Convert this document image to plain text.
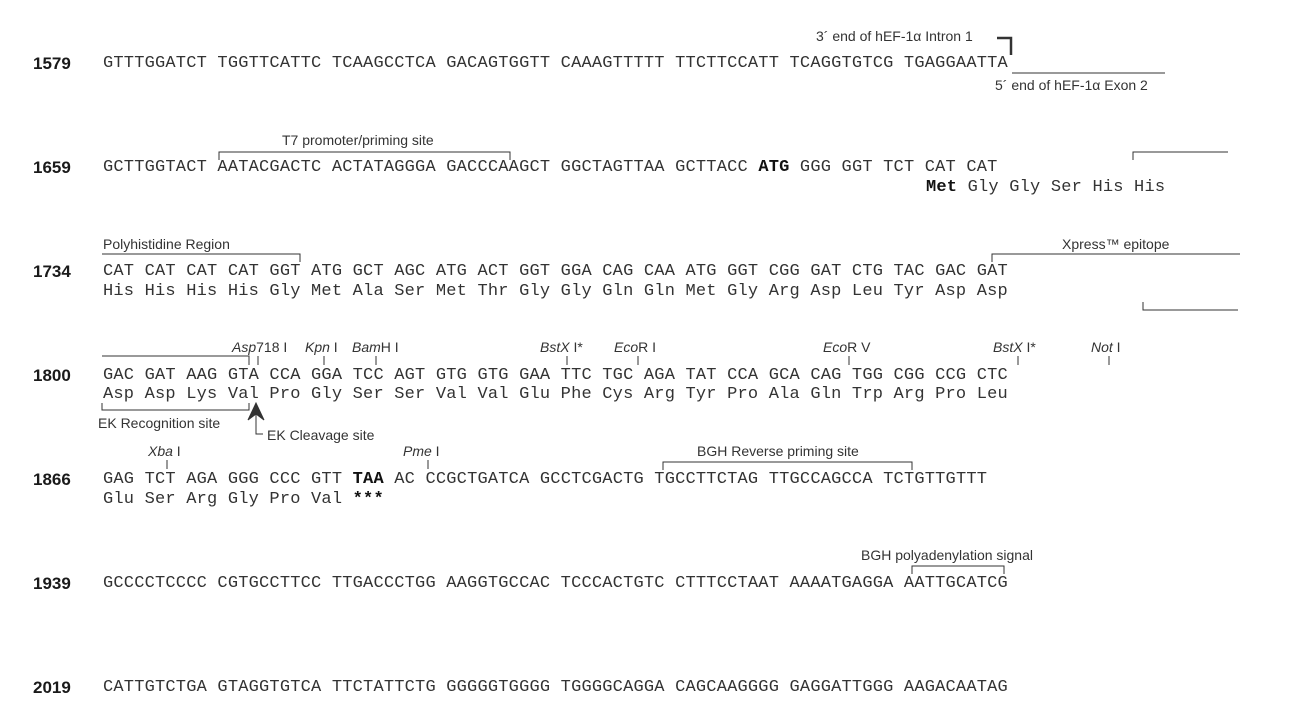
3´ end of hEF-1α Intron 1
5´ end of hEF-1α Exon 2
T7 promoter/priming site
Polyhistidine Region	Xpress™ epitope
EK Recognition site
EK Cleavage site
BGH Reverse priming site
BGH polyadenylation signal
Asp718 I Kpn I BamH I	BstX I* EcoR I	EcoR V	BstX I*	Not I
Xba I	Pme I
1579 GTTTGGATCT TGGTTCATTC TCAAGCCTCA GACAGTGGTT CAAAGTTTTT TTCTTCCATT TCAGGTGTCG TGAGGAATTA
1659 GCTTGGTACT AATACGACTC ACTATAGGGA GACCCAAGCT GGCTAGTTAA GCTTACC ATG GGG GGT TCT CAT CAT
Met Gly Gly Ser His His
1734 CAT CAT CAT CAT GGT ATG GCT AGC ATG ACT GGT GGA CAG CAA ATG GGT CGG GAT CTG TAC GAC GAT
His His His His Gly Met Ala Ser Met Thr Gly Gly Gln Gln Met Gly Arg Asp Leu Tyr Asp Asp
1800 GAC GAT AAG GTA CCA GGA TCC AGT GTG GTG GAA TTC TGC AGA TAT CCA GCA CAG TGG CGG CCG CTC
Asp Asp Lys Val Pro Gly Ser Ser Val Val Glu Phe Cys Arg Tyr Pro Ala Gln Trp Arg Pro Leu
1866 GAG TCT AGA GGG CCC GTT TAA AC CCGCTGATCA GCCTCGACTG TGCCTTCTAG TTGCCAGCCA TCTGTTGTTT
Glu Ser Arg Gly Pro Val ***
1939 GCCCCTCCCC CGTGCCTTCC TTGACCCTGG AAGGTGCCAC TCCCACTGTC CTTTCCTAAT AAAATGAGGA AATTGCATCG
2019 CATTGTCTGA GTAGGTGTCA TTCTATTCTG GGGGGTGGGG TGGGGCAGGA CAGCAAGGGG GAGGATTGGG AAGACAATAG
